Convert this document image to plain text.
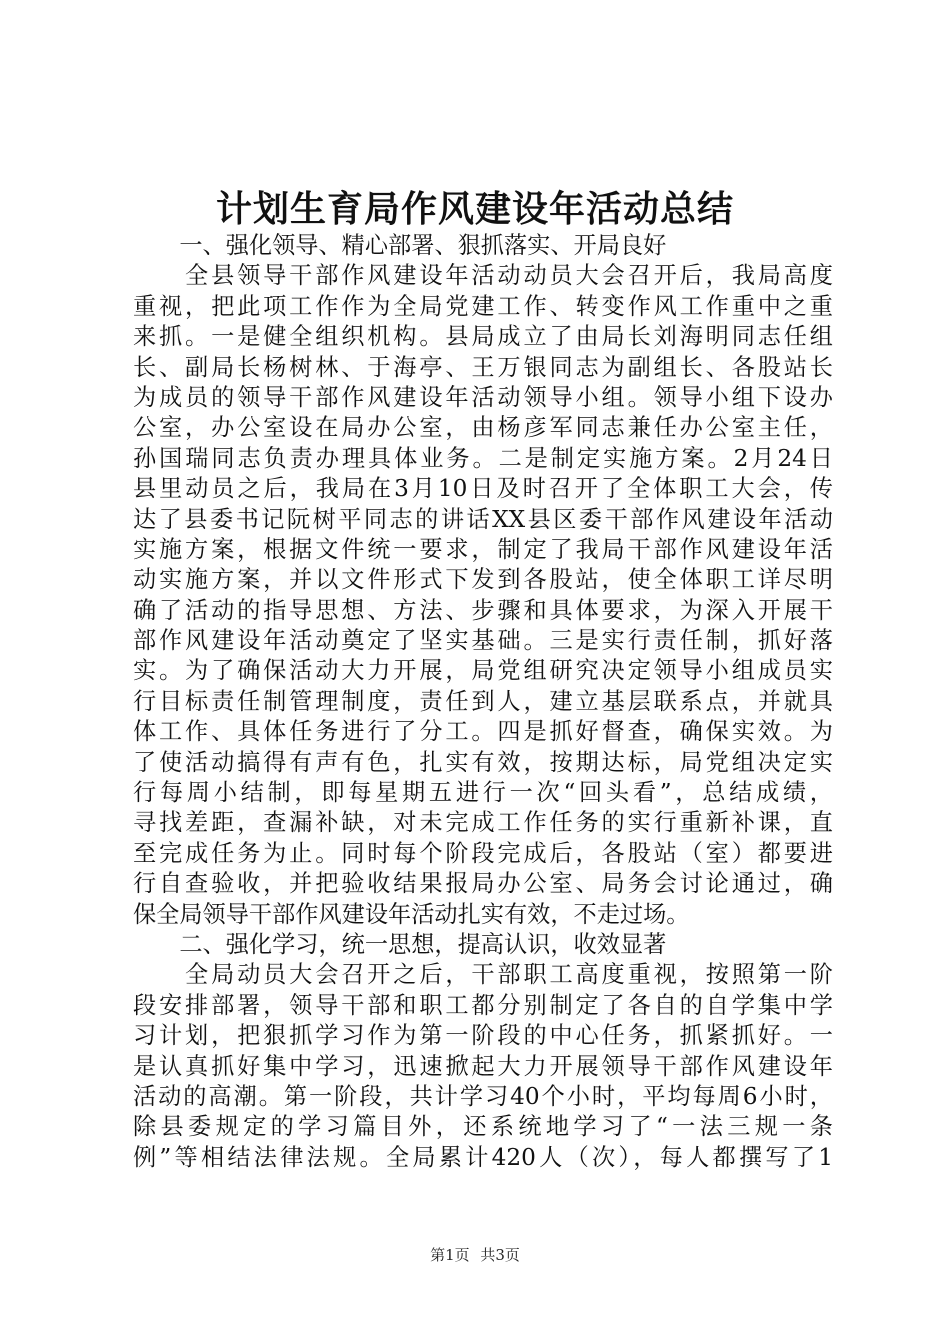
计划生育局作风建设年活动总结
　　一、强化领导、精心部署、狠抓落实、开局良好
　　全县领导干部作风建设年活动动员大会召开后，我局高度
重视，把此项工作作为全局党建工作、转变作风工作重中之重
来抓。一是健全组织机构。县局成立了由局长刘海明同志任组
长、副局长杨树林、于海亭、王万银同志为副组长、各股站长
为成员的领导干部作风建设年活动领导小组。领导小组下设办
公室，办公室设在局办公室，由杨彦军同志兼任办公室主任，
孙国瑞同志负责办理具体业务。二是制定实施方案。2月24日
县里动员之后，我局在3月10日及时召开了全体职工大会，传
达了县委书记阮树平同志的讲话XX县区委干部作风建设年活动
实施方案，根据文件统一要求，制定了我局干部作风建设年活
动实施方案，并以文件形式下发到各股站，使全体职工详尽明
确了活动的指导思想、方法、步骤和具体要求，为深入开展干
部作风建设年活动奠定了坚实基础。三是实行责任制，抓好落
实。为了确保活动大力开展，局党组研究决定领导小组成员实
行目标责任制管理制度，责任到人，建立基层联系点，并就具
体工作、具体任务进行了分工。四是抓好督查，确保实效。为
了使活动搞得有声有色，扎实有效，按期达标，局党组决定实
行每周小结制，即每星期五进行一次“回头看”，总结成绩，
寻找差距，查漏补缺，对未完成工作任务的实行重新补课，直
至完成任务为止。同时每个阶段完成后，各股站（室）都要进
行自查验收，并把验收结果报局办公室、局务会讨论通过，确
保全局领导干部作风建设年活动扎实有效，不走过场。
　　二、强化学习，统一思想，提高认识，收效显著
　　全局动员大会召开之后，干部职工高度重视，按照第一阶
段安排部署，领导干部和职工都分别制定了各自的自学集中学
习计划，把狠抓学习作为第一阶段的中心任务，抓紧抓好。一
是认真抓好集中学习，迅速掀起大力开展领导干部作风建设年
活动的高潮。第一阶段，共计学习40个小时，平均每周6小时，
除县委规定的学习篇目外，还系统地学习了“一法三规一条
例”等相结法律法规。全局累计420人（次），每人都撰写了1
第1页 共3页
